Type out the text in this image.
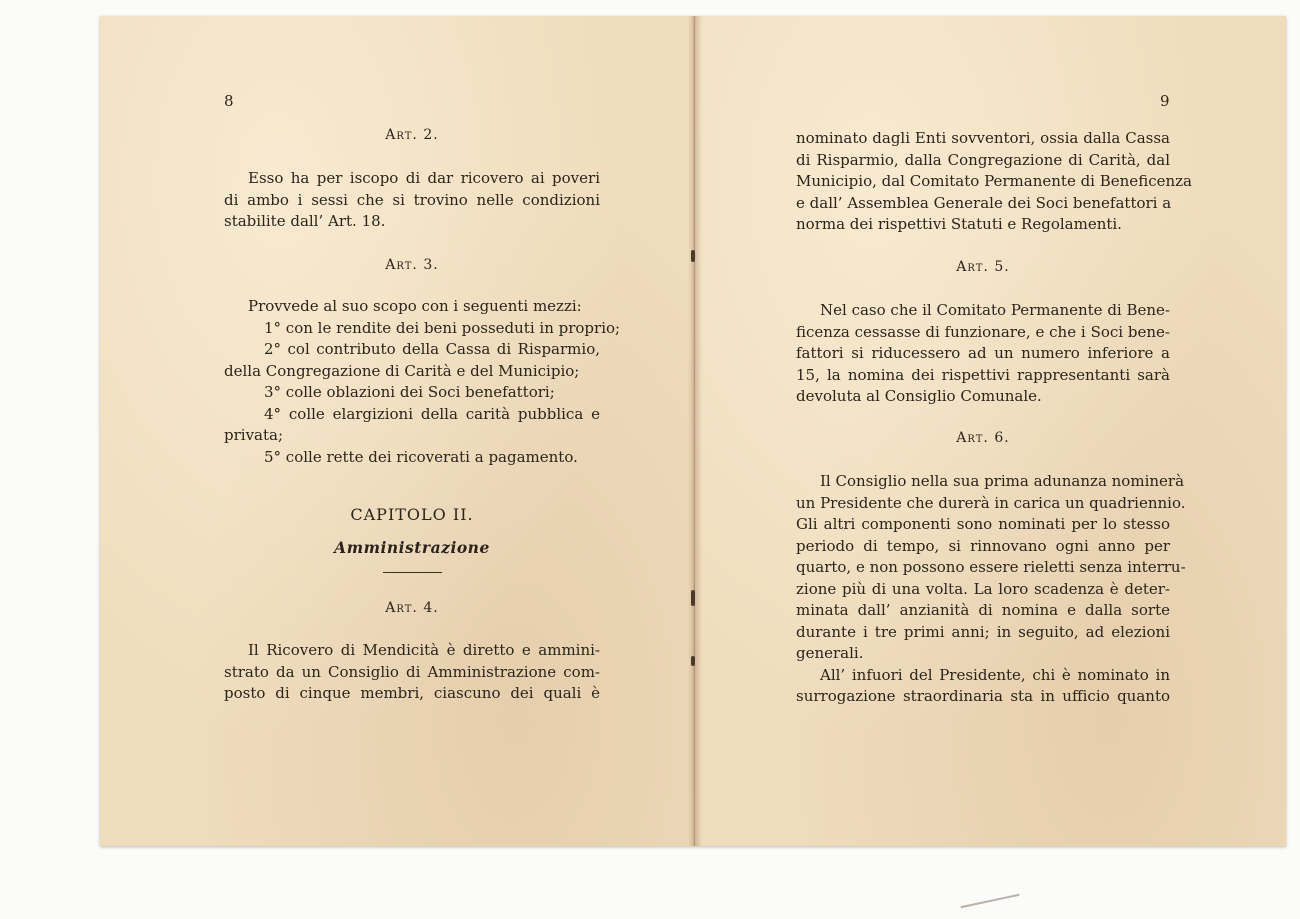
8
Art. 2.
Esso ha per iscopo di dar ricovero ai poveri
di ambo i sessi che si trovino nelle condizioni
stabilite dall’ Art. 18.
Art. 3.
Provvede al suo scopo con i seguenti mezzi:
1° con le rendite dei beni posseduti in proprio;
2° col contributo della Cassa di Risparmio,
della Congregazione di Carità e del Municipio;
3° colle oblazioni dei Soci benefattori;
4° colle elargizioni della carità pubblica e
privata;
5° colle rette dei ricoverati a pagamento.
CAPITOLO II.
Amministrazione
Art. 4.
Il Ricovero di Mendicità è diretto e ammini-
strato da un Consiglio di Amministrazione com-
posto di cinque membri, ciascuno dei quali è
9
nominato dagli Enti sovventori, ossia dalla Cassa
di Risparmio, dalla Congregazione di Carità, dal
Municipio, dal Comitato Permanente di Beneficenza
e dall’ Assemblea Generale dei Soci benefattori a
norma dei rispettivi Statuti e Regolamenti.
Art. 5.
Nel caso che il Comitato Permanente di Bene-
ficenza cessasse di funzionare, e che i Soci bene-
fattori si riducessero ad un numero inferiore a
15, la nomina dei rispettivi rappresentanti sarà
devoluta al Consiglio Comunale.
Art. 6.
Il Consiglio nella sua prima adunanza nominerà
un Presidente che durerà in carica un quadriennio.
Gli altri componenti sono nominati per lo stesso
periodo di tempo, si rinnovano ogni anno per
quarto, e non possono essere rieletti senza interru-
zione più di una volta. La loro scadenza è deter-
minata dall’ anzianità di nomina e dalla sorte
durante i tre primi anni; in seguito, ad elezioni
generali.
All’ infuori del Presidente, chi è nominato in
surrogazione straordinaria sta in ufficio quanto
